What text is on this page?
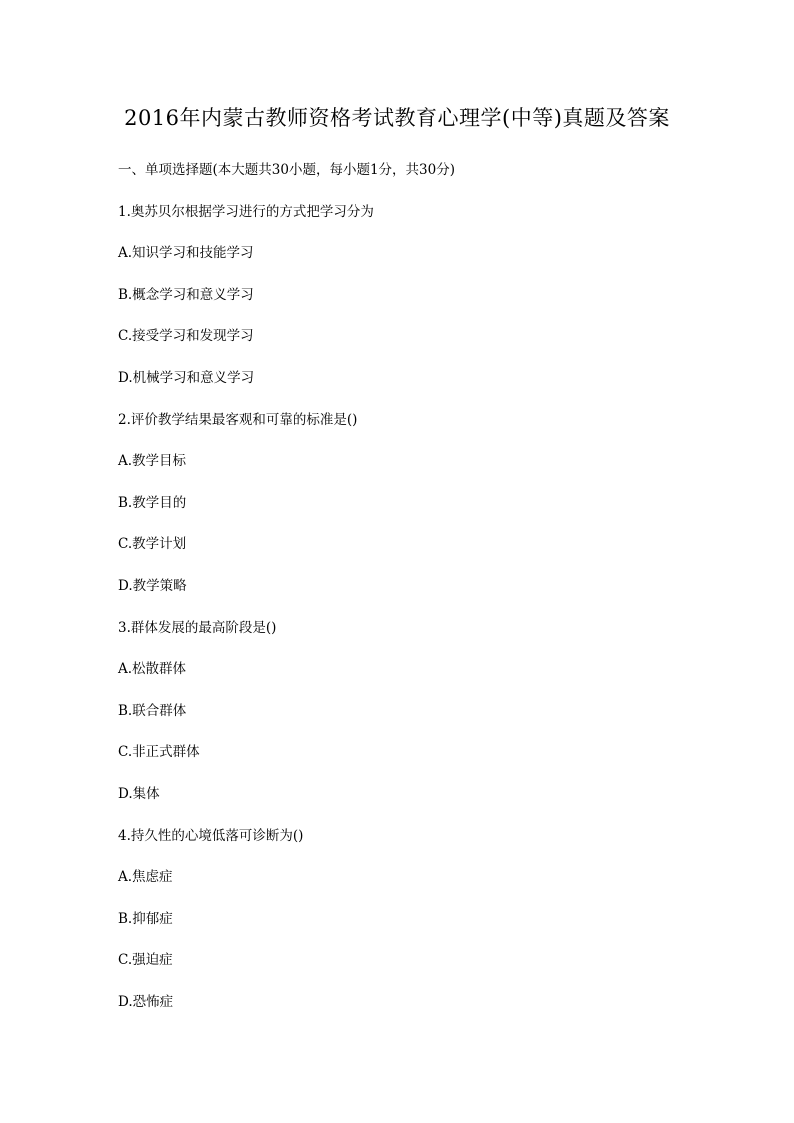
2016年内蒙古教师资格考试教育心理学(中等)真题及答案
一、单项选择题(本大题共30小题，每小题1分，共30分)
1.奥苏贝尔根据学习进行的方式把学习分为
A.知识学习和技能学习
B.概念学习和意义学习
C.接受学习和发现学习
D.机械学习和意义学习
2.评价教学结果最客观和可靠的标准是()
A.教学目标
B.教学目的
C.教学计划
D.教学策略
3.群体发展的最高阶段是()
A.松散群体
B.联合群体
C.非正式群体
D.集体
4.持久性的心境低落可诊断为()
A.焦虑症
B.抑郁症
C.强迫症
D.恐怖症
